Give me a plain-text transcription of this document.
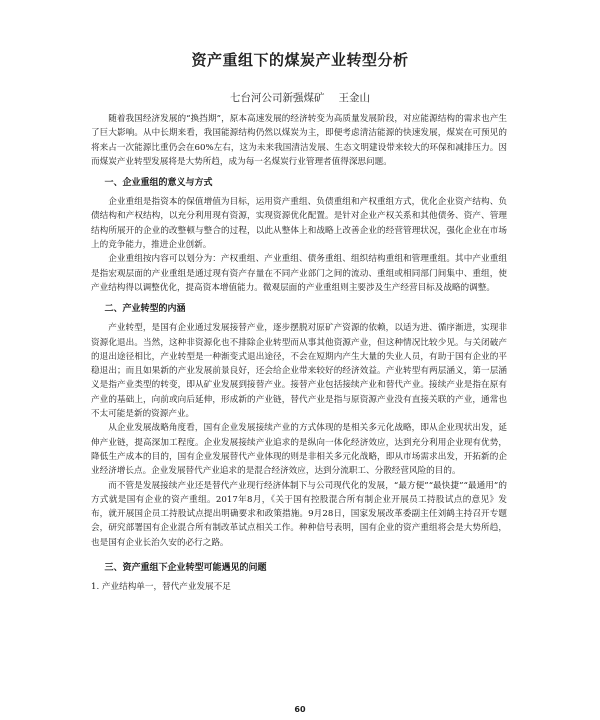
资产重组下的煤炭产业转型分析
七台河公司新强煤矿 王金山

随着我国经济发展的“换挡期”，原本高速发展的经济转变为高质量发展阶段，对应能源结构的需求也产生了巨大影响。从中长期来看，我国能源结构仍然以煤炭为主，即便考虑清洁能源的快速发展，煤炭在可预见的将来占一次能源比重仍会在60%左右，这为未来我国清洁发展、生态文明建设带来较大的环保和减排压力。因而煤炭产业转型发展将是大势所趋，成为每一名煤炭行业管理者值得深思问题。

一、企业重组的意义与方式

企业重组是指资本的保值增值为目标，运用资产重组、负债重组和产权重组方式，优化企业资产结构、负债结构和产权结构，以充分利用现有资源，实现资源优化配置。是针对企业产权关系和其他债务、资产、管理结构所展开的企业的改整顿与整合的过程，以此从整体上和战略上改善企业的经营管理状况，强化企业在市场上的竞争能力，推进企业创新。

企业重组按内容可以划分为：产权重组、产业重组、债务重组、组织结构重组和管理重组。其中产业重组是指宏观层面的产业重组是通过现有资产存量在不同产业部门之间的流动、重组或相同部门间集中、重组，使产业结构得以调整优化，提高资本增值能力。微观层面的产业重组则主要涉及生产经营目标及战略的调整。

二、产业转型的内涵

产业转型，是国有企业通过发展接替产业，逐步摆脱对原矿产资源的依赖，以适为进、循序渐进，实现非资源化退出。当然，这种非资源化也不排除企业转型而从事其他资源产业，但这种情况比较少见。与关闭破产的退出途径相比，产业转型是一种渐变式退出途径，不会在短期内产生大量的失业人员，有助于国有企业的平稳退出；而且如果新的产业发展前景良好，还会给企业带来较好的经济效益。产业转型有两层涵义，第一层涵义是指产业类型的转变，即从矿业发展到接替产业。接替产业包括接续产业和替代产业。接续产业是指在原有产业的基础上，向前或向后延伸，形成新的产业链，替代产业是指与原资源产业没有直接关联的产业，通常也不太可能是新的资源产业。

从企业发展战略角度看，国有企业发展接续产业的方式体现的是相关多元化战略，即从企业现状出发，延伸产业链，提高深加工程度。企业发展接续产业追求的是纵向一体化经济效应，达到充分利用企业现有优势，降低生产成本的目的，国有企业发展替代产业体现的则是非相关多元化战略，即从市场需求出发，开拓新的企业经济增长点。企业发展替代产业追求的是混合经济效应，达到分流职工、分散经营风险的目的。

而不管是发展接续产业还是替代产业现行经济体制下与公司现代化的发展，“最方便”“最快捷”“最通用”的方式就是国有企业的资产重组。2017年8月，《关于国有控股混合所有制企业开展员工持股试点的意见》发布，就开展国企员工持股试点提出明确要求和政策措施。9月28日，国家发展改革委副主任刘鹤主持召开专题会，研究部署国有企业混合所有制改革试点相关工作。种种信号表明，国有企业的资产重组将会是大势所趋，也是国有企业长治久安的必行之路。

三、资产重组下企业转型可能遇见的问题

1. 产业结构单一，替代产业发展不足

60
